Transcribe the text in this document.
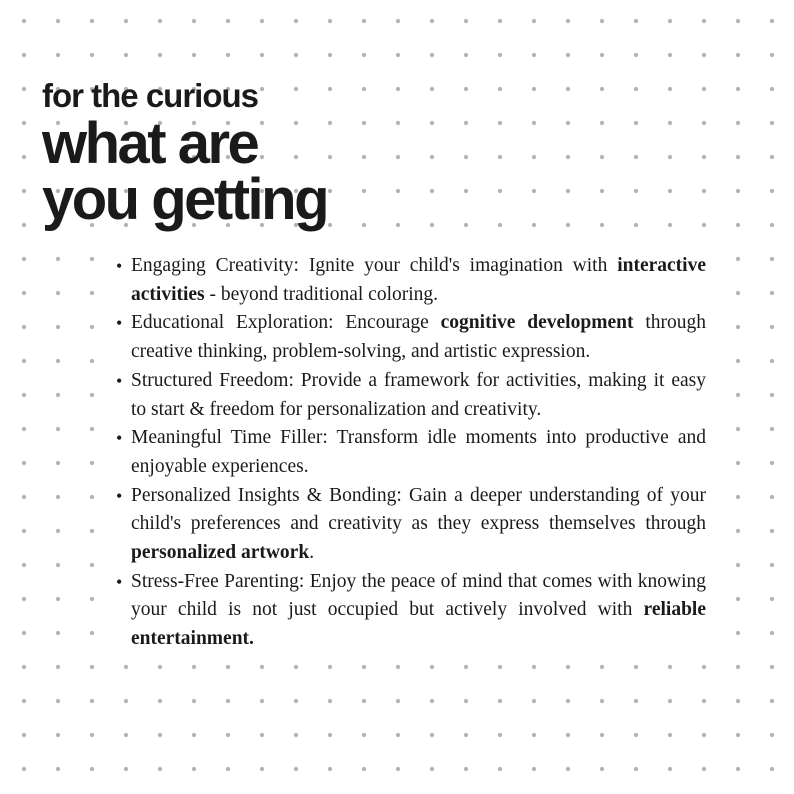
for the curious
what are
you getting
• Engaging Creativity: Ignite your child's imagination with interactive activities - beyond traditional coloring.
• Educational Exploration: Encourage cognitive development through creative thinking, problem-solving, and artistic expression.
• Structured Freedom: Provide a framework for activities, making it easy to start & freedom for personalization and creativity.
• Meaningful Time Filler: Transform idle moments into productive and enjoyable experiences.
• Personalized Insights & Bonding: Gain a deeper understanding of your child's preferences and creativity as they express themselves through personalized artwork.
• Stress-Free Parenting: Enjoy the peace of mind that comes with knowing your child is not just occupied but actively involved with reliable entertainment.
